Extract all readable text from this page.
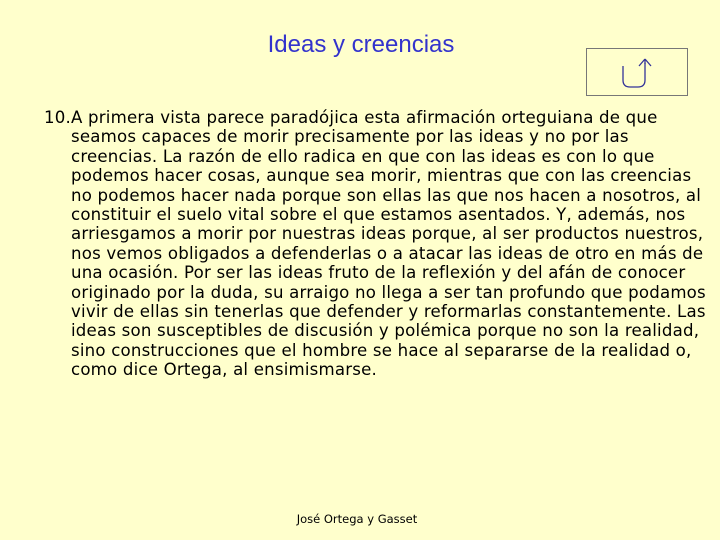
Ideas y creencias
10.A primera vista parece paradójica esta afirmación orteguiana de que seamos capaces de morir precisamente por las ideas y no por las creencias. La razón de ello radica en que con las ideas es con lo que podemos hacer cosas, aunque sea morir, mientras que con las creencias no podemos hacer nada porque son ellas las que nos hacen a nosotros, al constituir el suelo vital sobre el que estamos asentados. Y, además, nos arriesgamos a morir por nuestras ideas porque, al ser productos nuestros, nos vemos obligados a defenderlas o a atacar las ideas de otro en más de una ocasión. Por ser las ideas fruto de la reflexión y del afán de conocer originado por la duda, su arraigo no llega a ser tan profundo que podamos vivir de ellas sin tenerlas que defender y reformarlas constantemente. Las ideas son susceptibles de discusión y polémica porque no son la realidad, sino construcciones que el hombre se hace al separarse de la realidad o, como dice Ortega, al ensimismarse.
José Ortega y Gasset
